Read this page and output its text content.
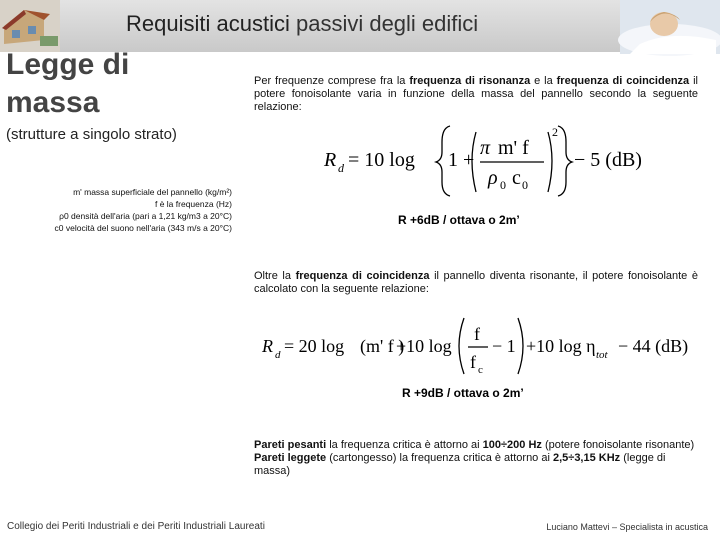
Requisiti acustici passivi degli edifici
Legge di
massa
(strutture a singolo strato)
m' massa superficiale del pannello (kg/m²)
f è la frequenza (Hz)
ρ0 densità dell'aria (pari a 1,21 kg/m3 a 20°C)
c0 velocità del suono nell'aria (343 m/s a 20°C)
Per frequenze comprese fra la frequenza di risonanza e la frequenza di coincidenza il potere fonoisolante varia in funzione della massa del pannello secondo la seguente relazione:
R d = 10 log 1 +
π m' f
ρ 0 c 0
2
− 5 (dB)
R +6dB / ottava o 2m’
Oltre la frequenza di coincidenza il pannello diventa risonante, il potere fonoisolante è calcolato con la seguente relazione:
R d = 20 log (m' f )
+10 log
f
f c
− 1 +10 log η tot − 44 (dB)
R +9dB / ottava o 2m’
Pareti pesanti la frequenza critica è attorno ai 100÷200 Hz (potere fonoisolante risonante)
Pareti leggete (cartongesso) la frequenza critica è attorno ai 2,5÷3,15 KHz (legge di massa)
Collegio dei Periti Industriali e dei Periti Industriali Laureati	Luciano Mattevi – Specialista in acustica
